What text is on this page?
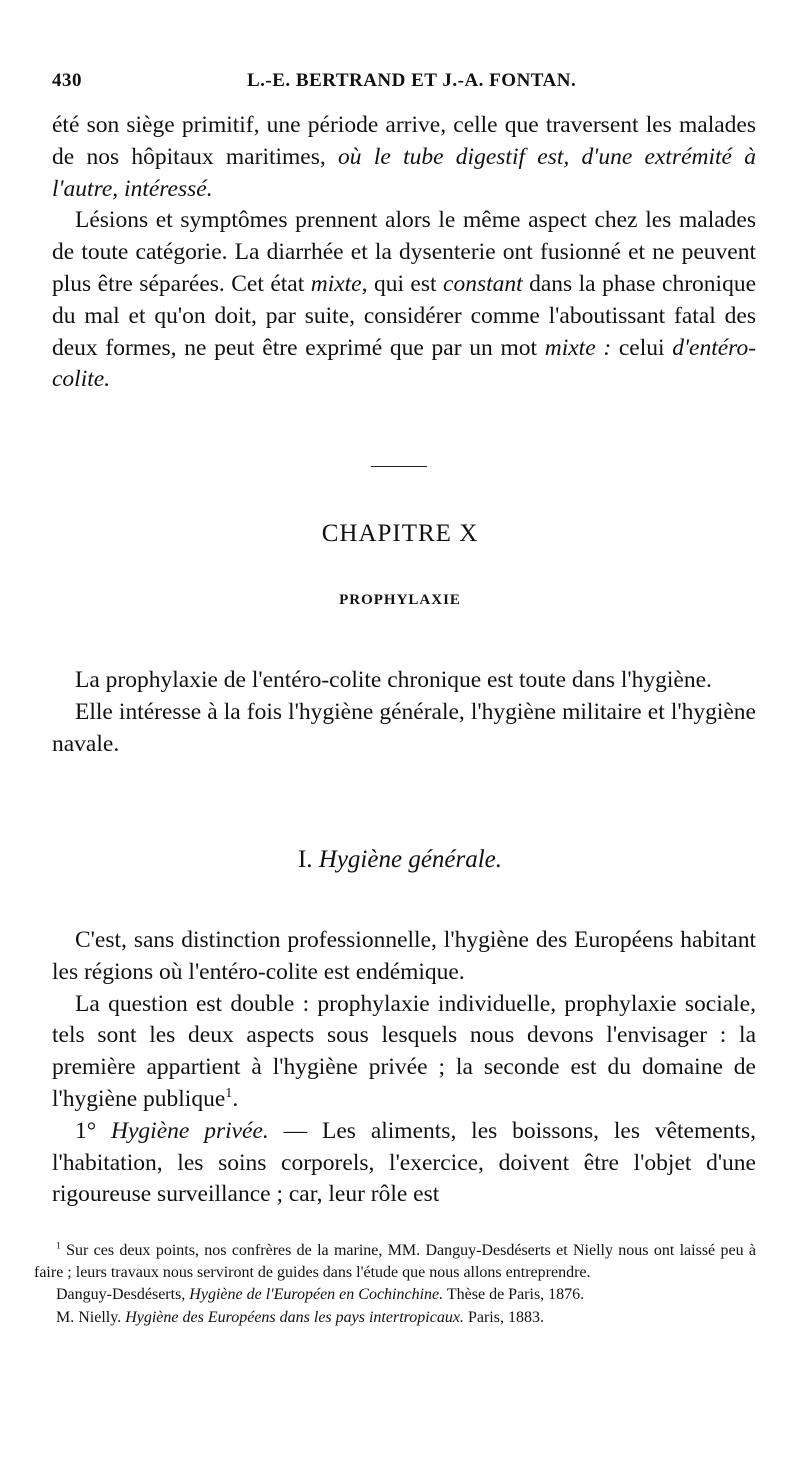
430	L.-E. BERTRAND ET J.-A. FONTAN.

été son siège primitif, une période arrive, celle que traversent les malades de nos hôpitaux maritimes, où le tube digestif est, d'une extrémité à l'autre, intéressé.

Lésions et symptômes prennent alors le même aspect chez les malades de toute catégorie. La diarrhée et la dysenterie ont fusionné et ne peuvent plus être séparées. Cet état mixte, qui est constant dans la phase chronique du mal et qu'on doit, par suite, considérer comme l'aboutissant fatal des deux formes, ne peut être exprimé que par un mot mixte : celui d'entéro-colite.

CHAPITRE X
PROPHYLAXIE

La prophylaxie de l'entéro-colite chronique est toute dans l'hygiène.

Elle intéresse à la fois l'hygiène générale, l'hygiène militaire et l'hygiène navale.

I. Hygiène générale.

C'est, sans distinction professionnelle, l'hygiène des Européens habitant les régions où l'entéro-colite est endémique.

La question est double : prophylaxie individuelle, prophylaxie sociale, tels sont les deux aspects sous lesquels nous devons l'envisager : la première appartient à l'hygiène privée ; la seconde est du domaine de l'hygiène publique$^1$.

1° Hygiène privée. — Les aliments, les boissons, les vêtements, l'habitation, les soins corporels, l'exercice, doivent être l'objet d'une rigoureuse surveillance ; car, leur rôle est

$^1$ Sur ces deux points, nos confrères de la marine, MM. Danguy-Desdéserts et Nielly nous ont laissé peu à faire ; leurs travaux nous serviront de guides dans l'étude que nous allons entreprendre.

Danguy-Desdéserts, Hygiène de l'Européen en Cochinchine. Thèse de Paris, 1876.

M. Nielly. Hygiène des Européens dans les pays intertropicaux. Paris, 1883.
